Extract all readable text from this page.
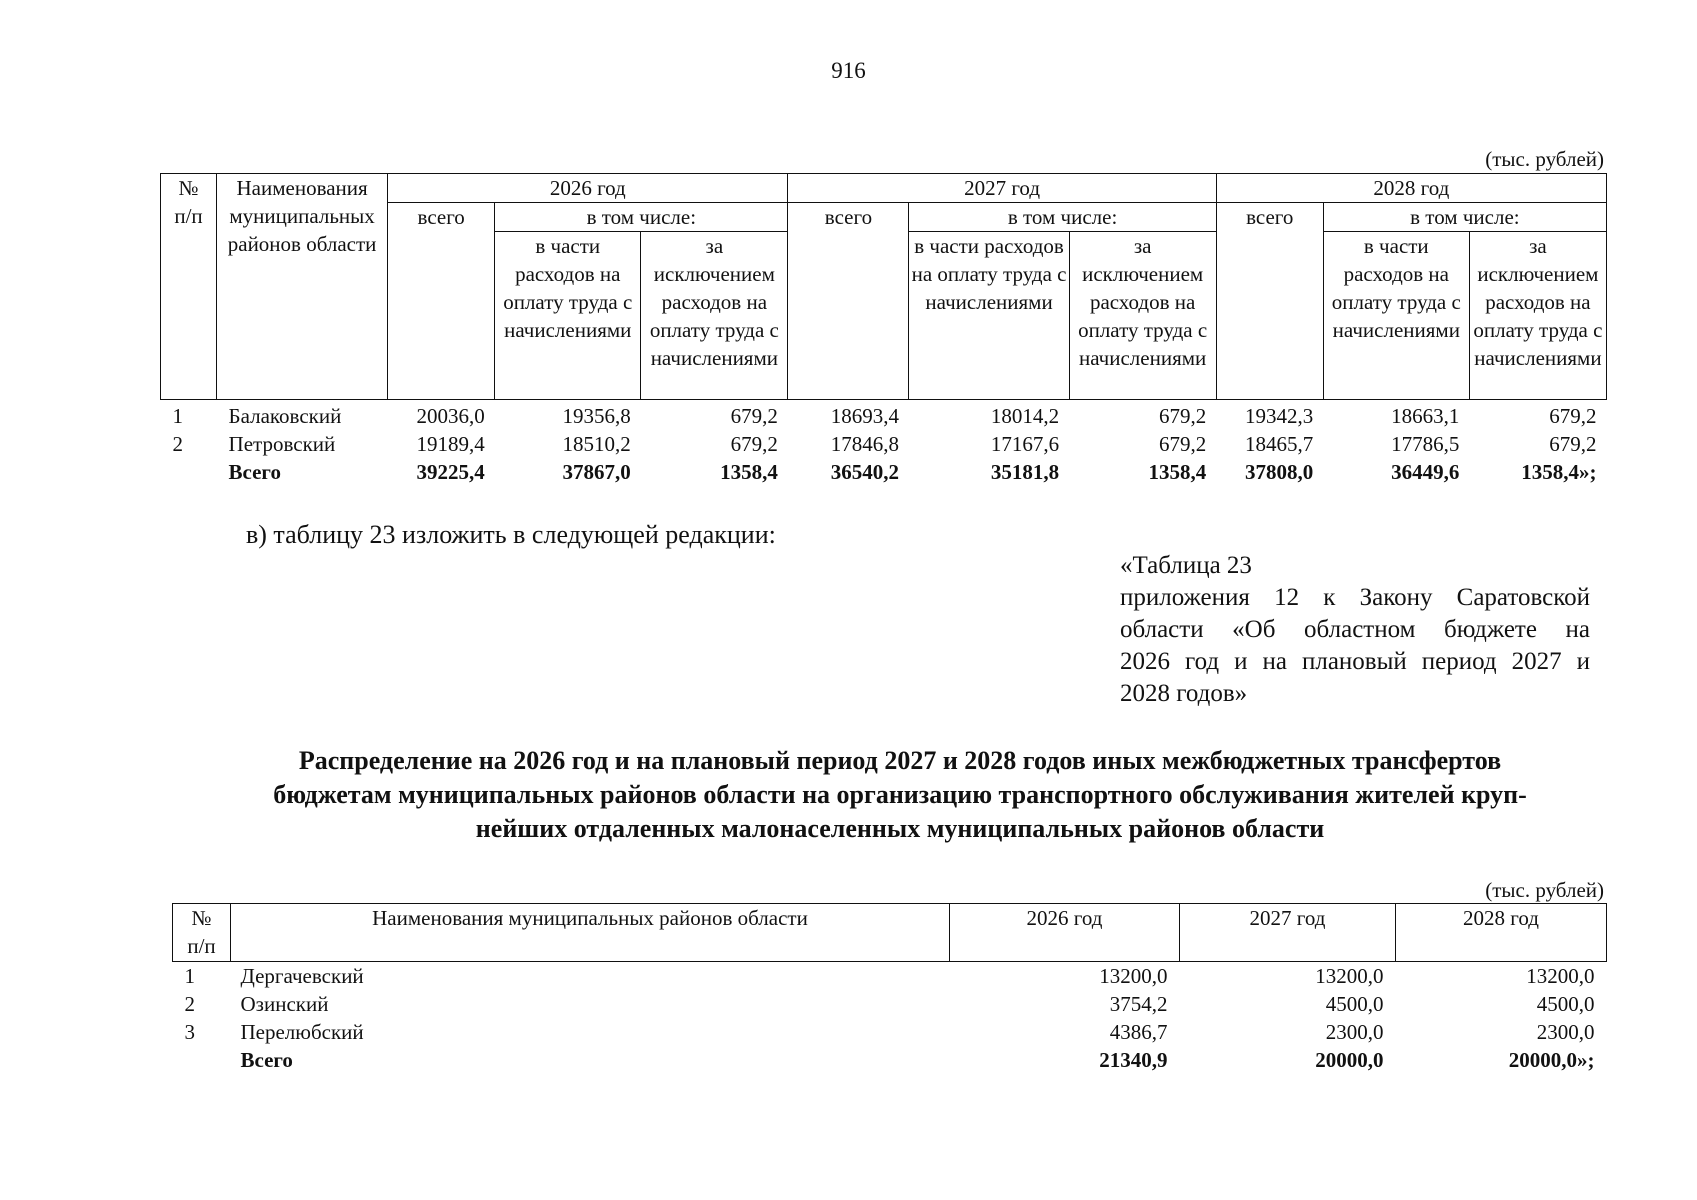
916
(тыс. рублей)
№
п/п	Наименования муниципальных районов области	2026 год			2027 год			2028 год		
		всего	в том числе:		всего	в том числе:		всего	в том числе:	
			в части расходов на оплату труда с начислениями	за исключением расходов на оплату труда с начислениями		в части расходов на оплату труда с начислениями	за исключением расходов на оплату труда с начислениями		в части расходов на оплату труда с начислениями	за исключением расходов на оплату труда с начислениями
1	Балаковский	20036,0	19356,8	679,2	18693,4	18014,2	679,2	19342,3	18663,1	679,2
2	Петровский	19189,4	18510,2	679,2	17846,8	17167,6	679,2	18465,7	17786,5	679,2
	Всего	39225,4	37867,0	1358,4	36540,2	35181,8	1358,4	37808,0	36449,6	1358,4»;
в) таблицу 23 изложить в следующей редакции:
«Таблица 23
приложения 12 к Закону Саратовской
области «Об областном бюджете на
2026 год и на плановый период 2027 и
2028 годов»
Распределение на 2026 год и на плановый период 2027 и 2028 годов иных межбюджетных трансфертов
бюджетам муниципальных районов области на организацию транспортного обслуживания жителей круп-
нейших отдаленных малонаселенных муниципальных районов области
(тыс. рублей)
№
п/п	Наименования муниципальных районов области	2026 год	2027 год	2028 год
1	Дергачевский	13200,0	13200,0	13200,0
2	Озинский	3754,2	4500,0	4500,0
3	Перелюбский	4386,7	2300,0	2300,0
	Всего	21340,9	20000,0	20000,0»;
